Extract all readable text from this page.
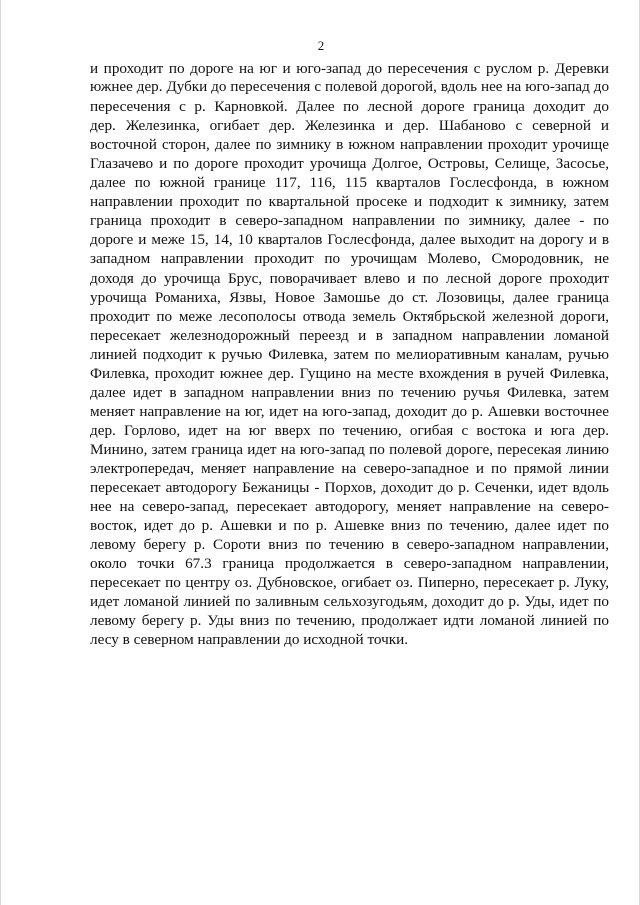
2
и проходит по дороге на юг и юго-запад до пересечения с руслом р. Деревки
южнее дер. Дубки до пересечения с полевой дорогой, вдоль нее на юго-запад до
пересечения с р. Карновкой. Далее по лесной дороге граница доходит до
дер. Железинка, огибает дер. Железинка и дер. Шабаново с северной и
восточной сторон, далее по зимнику в южном направлении проходит урочище
Глазачево и по дороге проходит урочища Долгое, Островы, Селище, Засосье,
далее по южной границе 117, 116, 115 кварталов Гослесфонда, в южном
направлении проходит по квартальной просеке и подходит к зимнику, затем
граница проходит в северо-западном направлении по зимнику, далее - по
дороге и меже 15, 14, 10 кварталов Гослесфонда, далее выходит на дорогу и в
западном направлении проходит по урочищам Молево, Смородовник, не
доходя до урочища Брус, поворачивает влево и по лесной дороге проходит
урочища Романиха, Язвы, Новое Замошье до ст. Лозовицы, далее граница
проходит по меже лесополосы отвода земель Октябрьской железной дороги,
пересекает железнодорожный переезд и в западном направлении ломаной
линией подходит к ручью Филевка, затем по мелиоративным каналам, ручью
Филевка, проходит южнее дер. Гущино на месте вхождения в ручей Филевка,
далее идет в западном направлении вниз по течению ручья Филевка, затем
меняет направление на юг, идет на юго-запад, доходит до р. Ашевки восточнее
дер. Горлово, идет на юг вверх по течению, огибая с востока и юга дер.
Минино, затем граница идет на юго-запад по полевой дороге, пересекая линию
электропередач, меняет направление на северо-западное и по прямой линии
пересекает автодорогу Бежаницы - Порхов, доходит до р. Сеченки, идет вдоль
нее на северо-запад, пересекает автодорогу, меняет направление на северо-
восток, идет до р. Ашевки и по р. Ашевке вниз по течению, далее идет по
левому берегу р. Сороти вниз по течению в северо-западном направлении,
около точки 67.3 граница продолжается в северо-западном направлении,
пересекает по центру оз. Дубновское, огибает оз. Пиперно, пересекает р. Луку,
идет ломаной линией по заливным сельхозугодьям, доходит до р. Уды, идет по
левому берегу р. Уды вниз по течению, продолжает идти ломаной линией по
лесу в северном направлении до исходной точки.
